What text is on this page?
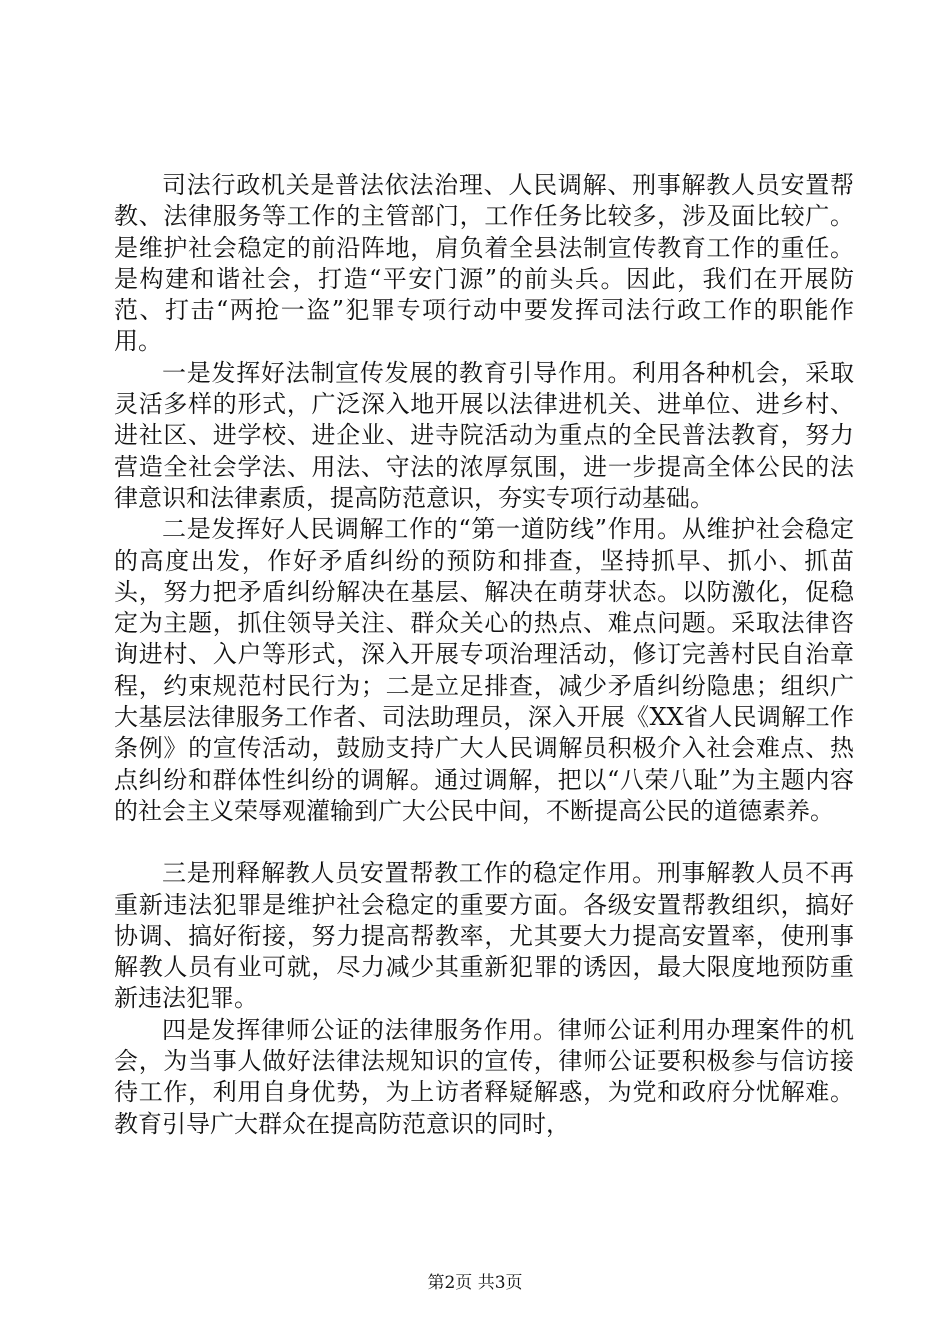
司法行政机关是普法依法治理、人民调解、刑事解教人员安置帮教、法律服务等工作的主管部门，工作任务比较多，涉及面比较广。是维护社会稳定的前沿阵地，肩负着全县法制宣传教育工作的重任。是构建和谐社会，打造“平安门源”的前头兵。因此，我们在开展防范、打击“两抢一盗”犯罪专项行动中要发挥司法行政工作的职能作用。

一是发挥好法制宣传发展的教育引导作用。利用各种机会，采取灵活多样的形式，广泛深入地开展以法律进机关、进单位、进乡村、进社区、进学校、进企业、进寺院活动为重点的全民普法教育，努力营造全社会学法、用法、守法的浓厚氛围，进一步提高全体公民的法律意识和法律素质，提高防范意识，夯实专项行动基础。

二是发挥好人民调解工作的“第一道防线”作用。从维护社会稳定的高度出发，作好矛盾纠纷的预防和排查，坚持抓早、抓小、抓苗头，努力把矛盾纠纷解决在基层、解决在萌芽状态。以防激化，促稳定为主题，抓住领导关注、群众关心的热点、难点问题。采取法律咨询进村、入户等形式，深入开展专项治理活动，修订完善村民自治章程，约束规范村民行为；二是立足排查，减少矛盾纠纷隐患；组织广大基层法律服务工作者、司法助理员，深入开展《XX省人民调解工作条例》的宣传活动，鼓励支持广大人民调解员积极介入社会难点、热点纠纷和群体性纠纷的调解。通过调解，把以“八荣八耻”为主题内容的社会主义荣辱观灌输到广大公民中间，不断提高公民的道德素养。

三是刑释解教人员安置帮教工作的稳定作用。刑事解教人员不再重新违法犯罪是维护社会稳定的重要方面。各级安置帮教组织，搞好协调、搞好衔接，努力提高帮教率，尤其要大力提高安置率，使刑事解教人员有业可就，尽力减少其重新犯罪的诱因，最大限度地预防重新违法犯罪。

四是发挥律师公证的法律服务作用。律师公证利用办理案件的机会，为当事人做好法律法规知识的宣传，律师公证要积极参与信访接待工作，利用自身优势，为上访者释疑解惑，为党和政府分忧解难。教育引导广大群众在提高防范意识的同时，

第2页 共3页
